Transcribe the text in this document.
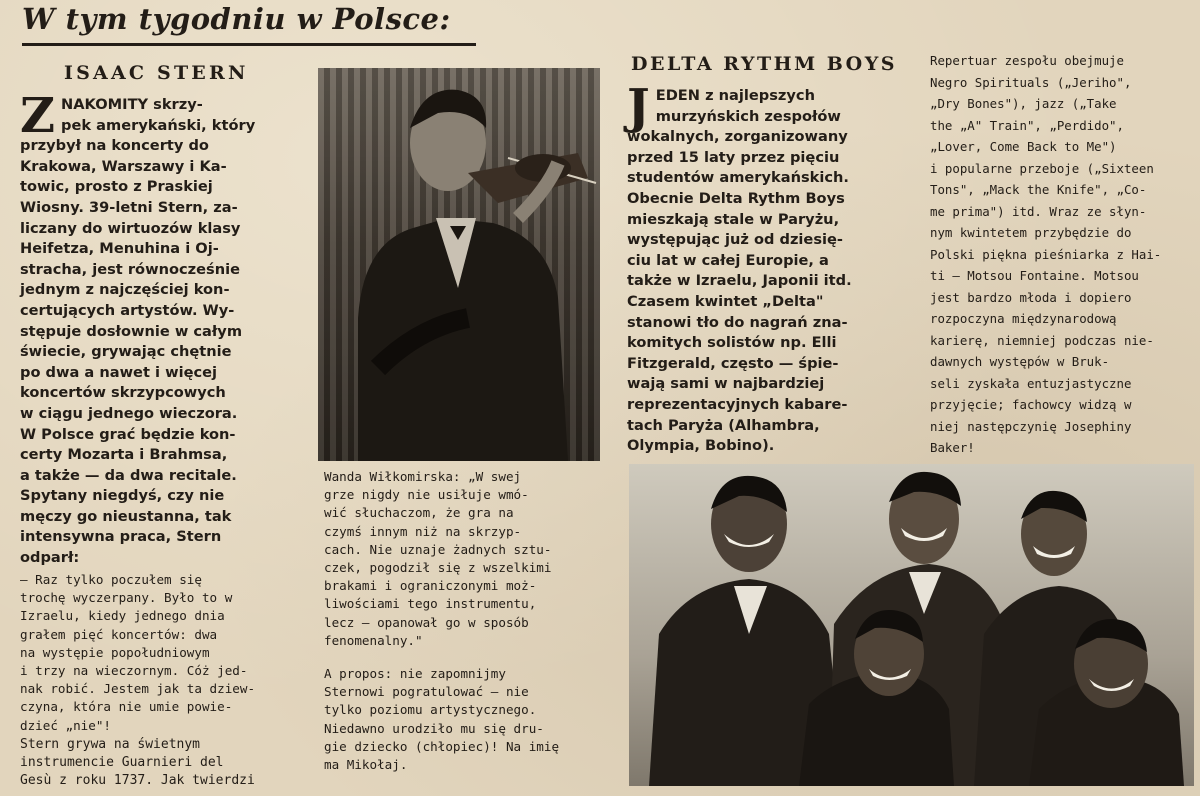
W tym tygodniu w Polsce:
ISAAC STERN
Z NAKOMITY skrzy-
pek amerykański, który
przybył na koncerty do
Krakowa, Warszawy i Ka-
towic, prosto z Praskiej
Wiosny. 39-letni Stern, za-
liczany do wirtuozów klasy
Heifetza, Menuhina i Oj-
stracha, jest równocześnie
jednym z najczęściej kon-
certujących artystów. Wy-
stępuje dosłownie w całym
świecie, grywając chętnie
po dwa a nawet i więcej
koncertów skrzypcowych
w ciągu jednego wieczora.
W Polsce grać będzie kon-
certy Mozarta i Brahmsa,
a także — da dwa recitale.
Spytany niegdyś, czy nie
męczy go nieustanna, tak
intensywna praca, Stern
odparł:
— Raz tylko poczułem się
trochę wyczerpany. Było to w
Izraelu, kiedy jednego dnia
grałem pięć koncertów: dwa
na występie popołudniowym
i trzy na wieczornym. Cóż jed-
nak robić. Jestem jak ta dziew-
czyna, która nie umie powie-
dzieć „nie"!
Stern grywa na świetnym
instrumencie Guarnieri del
Gesù z roku 1737. Jak twierdzi
Wanda Wiłkomirska: „W swej
grze nigdy nie usiłuje wmó-
wić słuchaczom, że gra na
czymś innym niż na skrzyp-
cach. Nie uznaje żadnych sztu-
czek, pogodził się z wszelkimi
brakami i ograniczonymi moż-
liwościami tego instrumentu,
lecz — opanował go w sposób
fenomenalny."
A propos: nie zapomnijmy
Sternowi pogratulować — nie
tylko poziomu artystycznego.
Niedawno urodziło mu się dru-
gie dziecko (chłopiec)! Na imię
ma Mikołaj.
DELTA RYTHM BOYS
J EDEN z najlepszych
murzyńskich zespołów
wokalnych, zorganizowany
przed 15 laty przez pięciu
studentów amerykańskich.
Obecnie Delta Rythm Boys
mieszkają stale w Paryżu,
występując już od dziesię-
ciu lat w całej Europie, a
także w Izraelu, Japonii itd.
Czasem kwintet „Delta"
stanowi tło do nagrań zna-
komitych solistów np. Elli
Fitzgerald, często — śpie-
wają sami w najbardziej
reprezentacyjnych kabare-
tach Paryża (Alhambra,
Olympia, Bobino).
Repertuar zespołu obejmuje
Negro Spirituals („Jeriho",
„Dry Bones"), jazz („Take
the „A" Train", „Perdido",
„Lover, Come Back to Me")
i popularne przeboje („Sixteen
Tons", „Mack the Knife", „Co-
me prima") itd. Wraz ze słyn-
nym kwintetem przybędzie do
Polski piękna pieśniarka z Hai-
ti — Motsou Fontaine. Motsou
jest bardzo młoda i dopiero
rozpoczyna międzynarodową
karierę, niemniej podczas nie-
dawnych występów w Bruk-
seli zyskała entuzjastyczne
przyjęcie; fachowcy widzą w
niej następczynię Josephiny
Baker!
